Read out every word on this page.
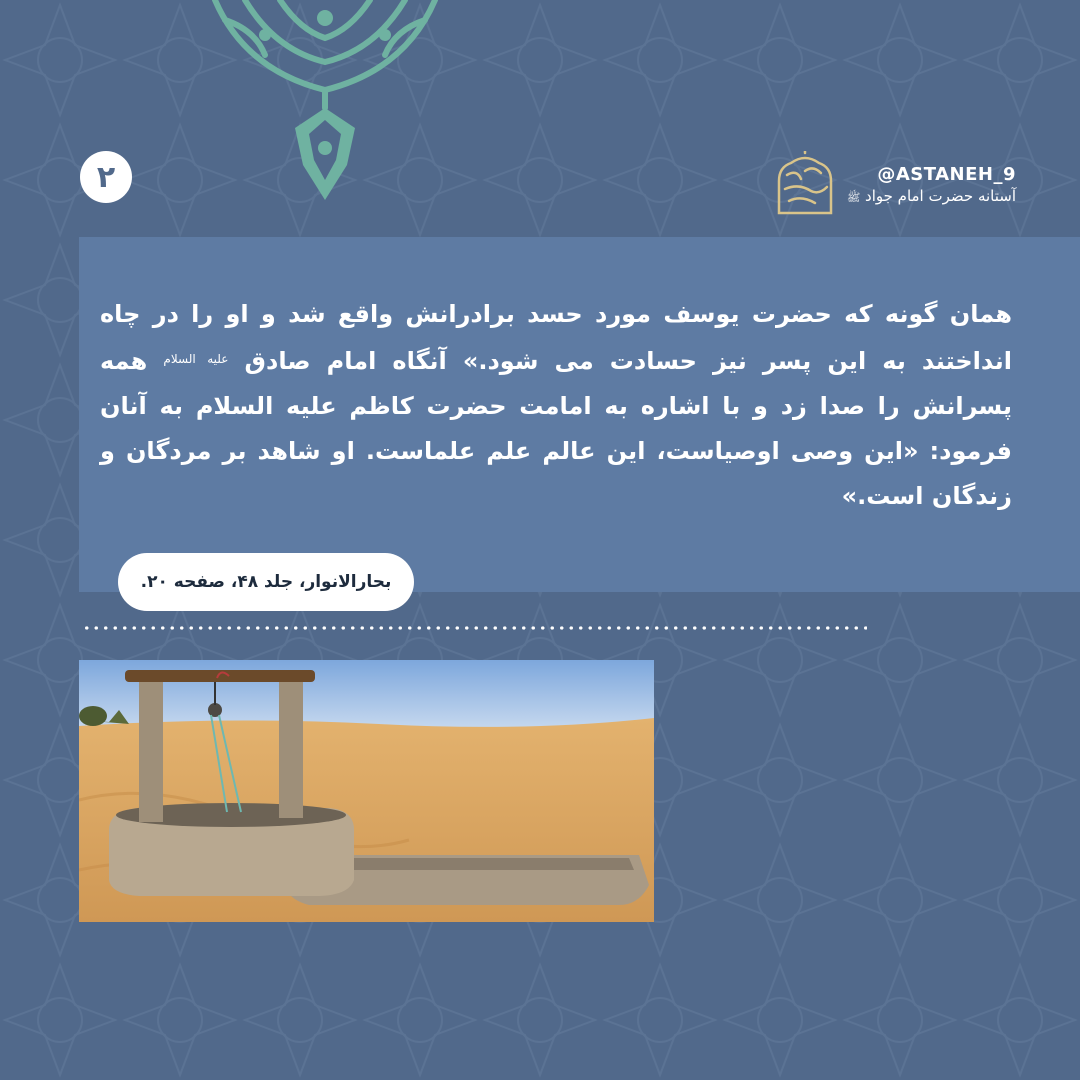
۲	@ASTANEH_9
آستانه حضرت امام جواد ﷺ
همان گونه که حضرت یوسف مورد حسد برادرانش واقع شد و او را در چاه انداختند به این پسر نیز حسادت می شود.» آنگاه امام صادق $^{علیه السلام}$ همه پسرانش را صدا زد و با اشاره به امامت حضرت کاظم علیه السلام به آنان فرمود: «این وصی اوصیاست، این عالم علم علماست. او شاهد بر مردگان و زندگان است.»
بحارالانوار، جلد ۴۸، صفحه ۲۰.
